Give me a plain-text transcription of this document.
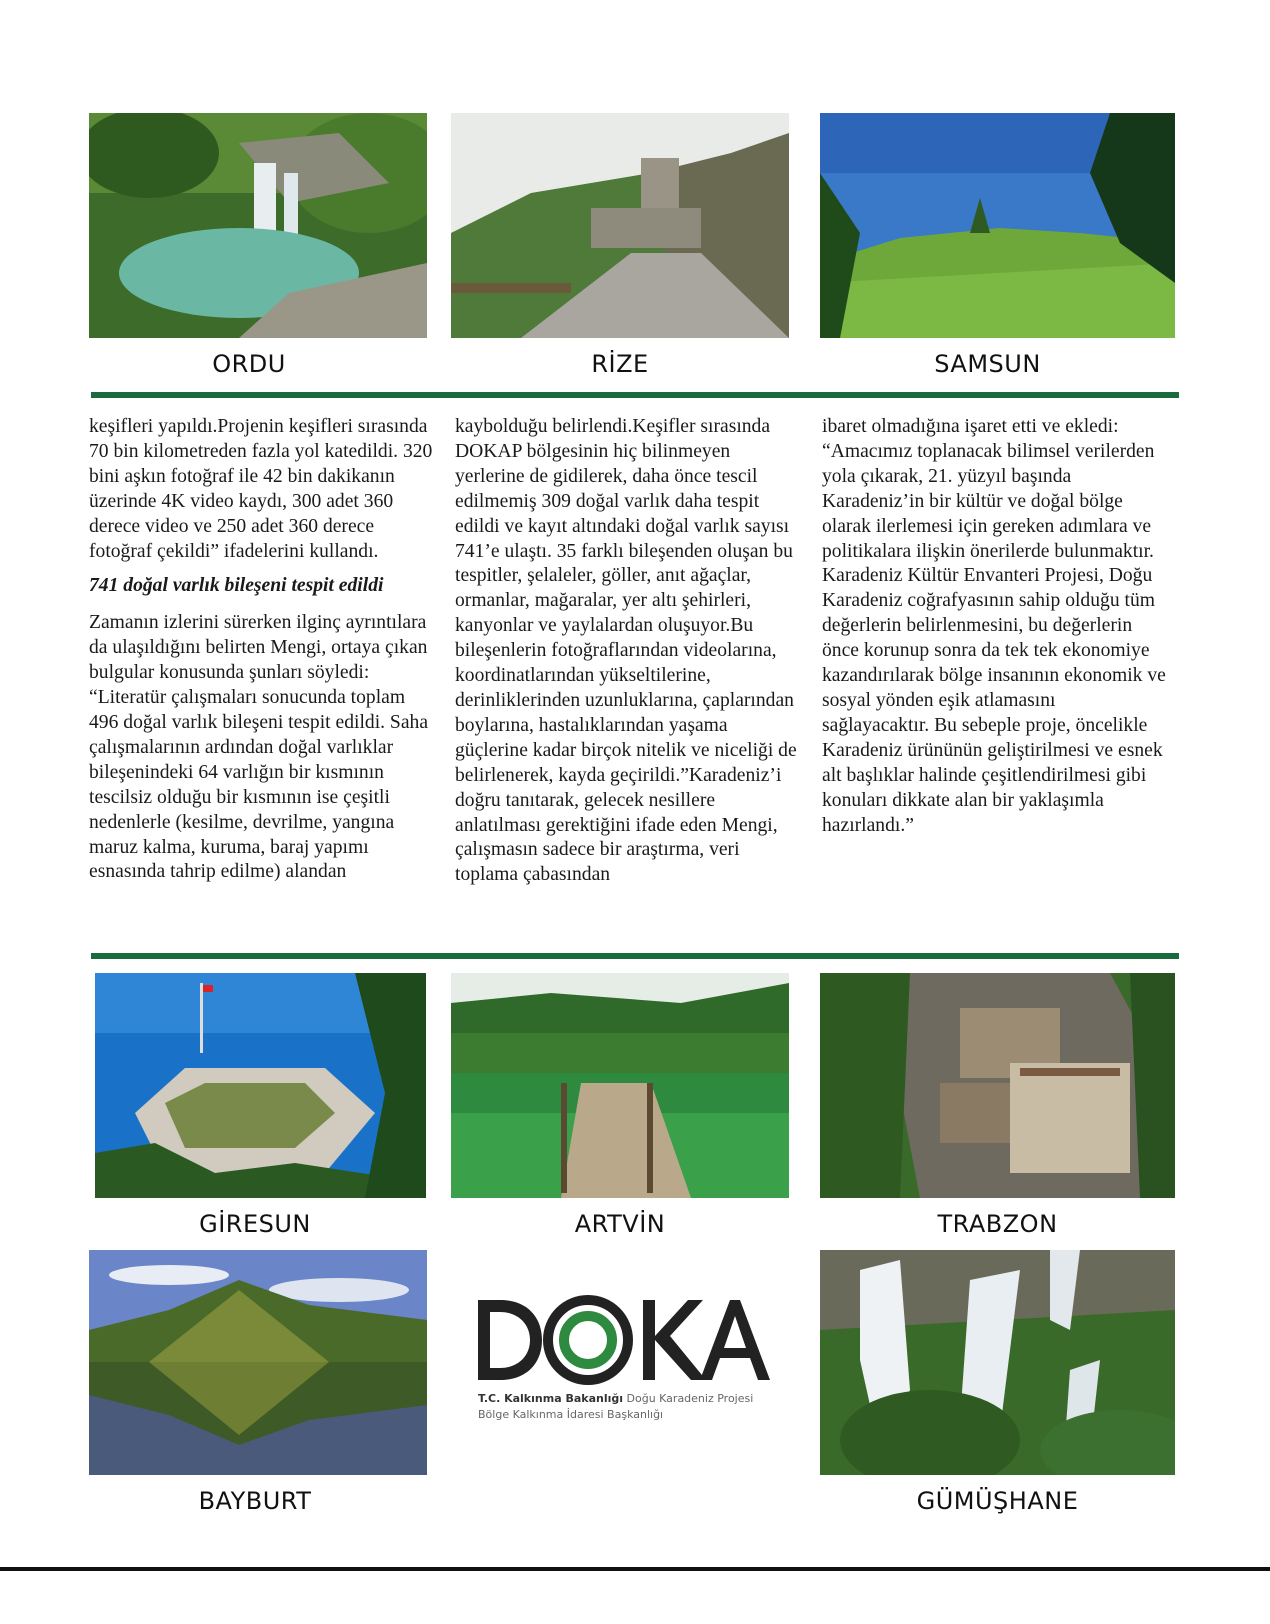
ORDU	RİZE	SAMSUN

keşifleri yapıldı.Projenin keşifleri sırasında 70 bin kilometreden fazla yol katedildi. 320 bini aşkın fotoğraf ile 42 bin dakikanın üzerinde 4K video kaydı, 300 adet 360 derece video ve 250 adet 360 derece fotoğraf çekildi” ifadelerini kullandı.

741 doğal varlık bileşeni tespit edildi

Zamanın izlerini sürerken ilginç ayrıntılara da ulaşıldığını belirten Mengi, ortaya çıkan bulgular konusunda şunları söyledi: “Literatür çalışmaları sonucunda toplam 496 doğal varlık bileşeni tespit edildi. Saha çalışmalarının ardından doğal varlıklar bileşenindeki 64 varlığın bir kısmının tescilsiz olduğu bir kısmının ise çeşitli nedenlerle (kesilme, devrilme, yangına maruz kalma, kuruma, baraj yapımı esnasında tahrip edilme) alandan

kaybolduğu belirlendi.Keşifler sırasında DOKAP bölgesinin hiç bilinmeyen yerlerine de gidilerek, daha önce tescil edilmemiş 309 doğal varlık daha tespit edildi ve kayıt altındaki doğal varlık sayısı 741’e ulaştı. 35 farklı bileşenden oluşan bu tespitler, şelaleler, göller, anıt ağaçlar, ormanlar, mağaralar, yer altı şehirleri, kanyonlar ve yaylalardan oluşuyor.Bu bileşenlerin fotoğraflarından videolarına, koordinatlarından yükseltilerine, derinliklerinden uzunluklarına, çaplarından boylarına, hastalıklarından yaşama güçlerine kadar birçok nitelik ve niceliği de belirlenerek, kayda geçirildi.”Karadeniz’i doğru tanıtarak, gelecek nesillere anlatılması gerektiğini ifade eden Mengi, çalışmasın sadece bir araştırma, veri toplama çabasından

ibaret olmadığına işaret etti ve ekledi: “Amacımız toplanacak bilimsel verilerden yola çıkarak, 21. yüzyıl başında Karadeniz’in bir kültür ve doğal bölge olarak ilerlemesi için gereken adımlara ve politikalara ilişkin önerilerde bulunmaktır. Karadeniz Kültür Envanteri Projesi, Doğu Karadeniz coğrafyasının sahip olduğu tüm değerlerin belirlenmesini, bu değerlerin önce korunup sonra da tek tek ekonomiye kazandırılarak bölge insanının ekonomik ve sosyal yönden eşik atlamasını sağlayacaktır. Bu sebeple proje, öncelikle Karadeniz ürününün geliştirilmesi ve esnek alt başlıklar halinde çeşitlendirilmesi gibi konuları dikkate alan bir yaklaşımla hazırlandı.”

GİRESUN	ARTVİN	TRABZON
BAYBURT
T.C. Kalkınma Bakanlığı Doğu Karadeniz Projesi
Bölge Kalkınma İdaresi Başkanlığı
GÜMÜŞHANE
